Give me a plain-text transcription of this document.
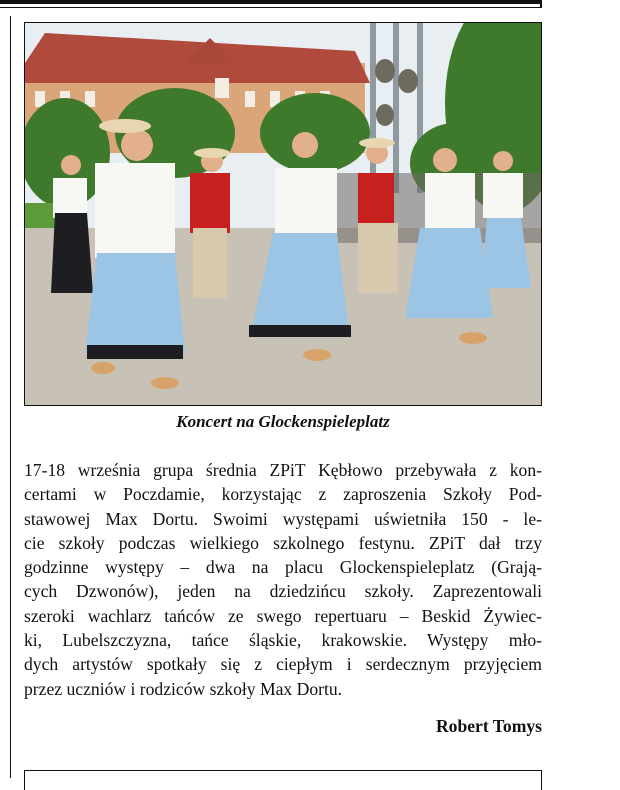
Koncert na Glockenspieleplatz
17-18 września grupa średnia ZPiT Kębłowo przebywała z kon-
certami w Poczdamie, korzystając z zaproszenia Szkoły Pod-
stawowej Max Dortu. Swoimi występami uświetniła 150 - le-
cie szkoły podczas wielkiego szkolnego festynu. ZPiT dał trzy
godzinne występy – dwa na placu Glockenspieleplatz (Grają-
cych Dzwonów), jeden na dziedzińcu szkoły. Zaprezentowali
szeroki wachlarz tańców ze swego repertuaru – Beskid Żywiec-
ki, Lubelszczyzna, tańce śląskie, krakowskie. Występy mło-
dych artystów spotkały się z ciepłym i serdecznym przyjęciem
przez uczniów i rodziców szkoły Max Dortu.
Robert Tomys
